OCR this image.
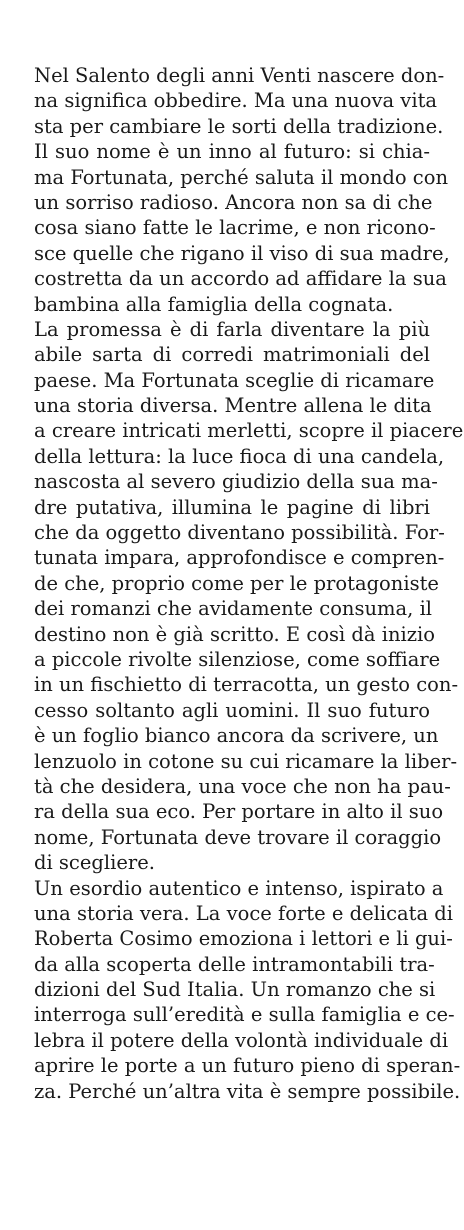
Nel Salento degli anni Venti nascere don-
na significa obbedire. Ma una nuova vita
sta per cambiare le sorti della tradizione.
Il suo nome è un inno al futuro: si chia-
ma Fortunata, perché saluta il mondo con
un sorriso radioso. Ancora non sa di che
cosa siano fatte le lacrime, e non ricono-
sce quelle che rigano il viso di sua madre,
costretta da un accordo ad affidare la sua
bambina alla famiglia della cognata.
La promessa è di farla diventare la più
abile sarta di corredi matrimoniali del
paese. Ma Fortunata sceglie di ricamare
una storia diversa. Mentre allena le dita
a creare intricati merletti, scopre il piacere
della lettura: la luce fioca di una candela,
nascosta al severo giudizio della sua ma-
dre putativa, illumina le pagine di libri
che da oggetto diventano possibilità. For-
tunata impara, approfondisce e compren-
de che, proprio come per le protagoniste
dei romanzi che avidamente consuma, il
destino non è già scritto. E così dà inizio
a piccole rivolte silenziose, come soffiare
in un fischietto di terracotta, un gesto con-
cesso soltanto agli uomini. Il suo futuro
è un foglio bianco ancora da scrivere, un
lenzuolo in cotone su cui ricamare la liber-
tà che desidera, una voce che non ha pau-
ra della sua eco. Per portare in alto il suo
nome, Fortunata deve trovare il coraggio
di scegliere.
Un esordio autentico e intenso, ispirato a
una storia vera. La voce forte e delicata di
Roberta Cosimo emoziona i lettori e li gui-
da alla scoperta delle intramontabili tra-
dizioni del Sud Italia. Un romanzo che si
interroga sull’eredità e sulla famiglia e ce-
lebra il potere della volontà individuale di
aprire le porte a un futuro pieno di speran-
za. Perché un’altra vita è sempre possibile.
